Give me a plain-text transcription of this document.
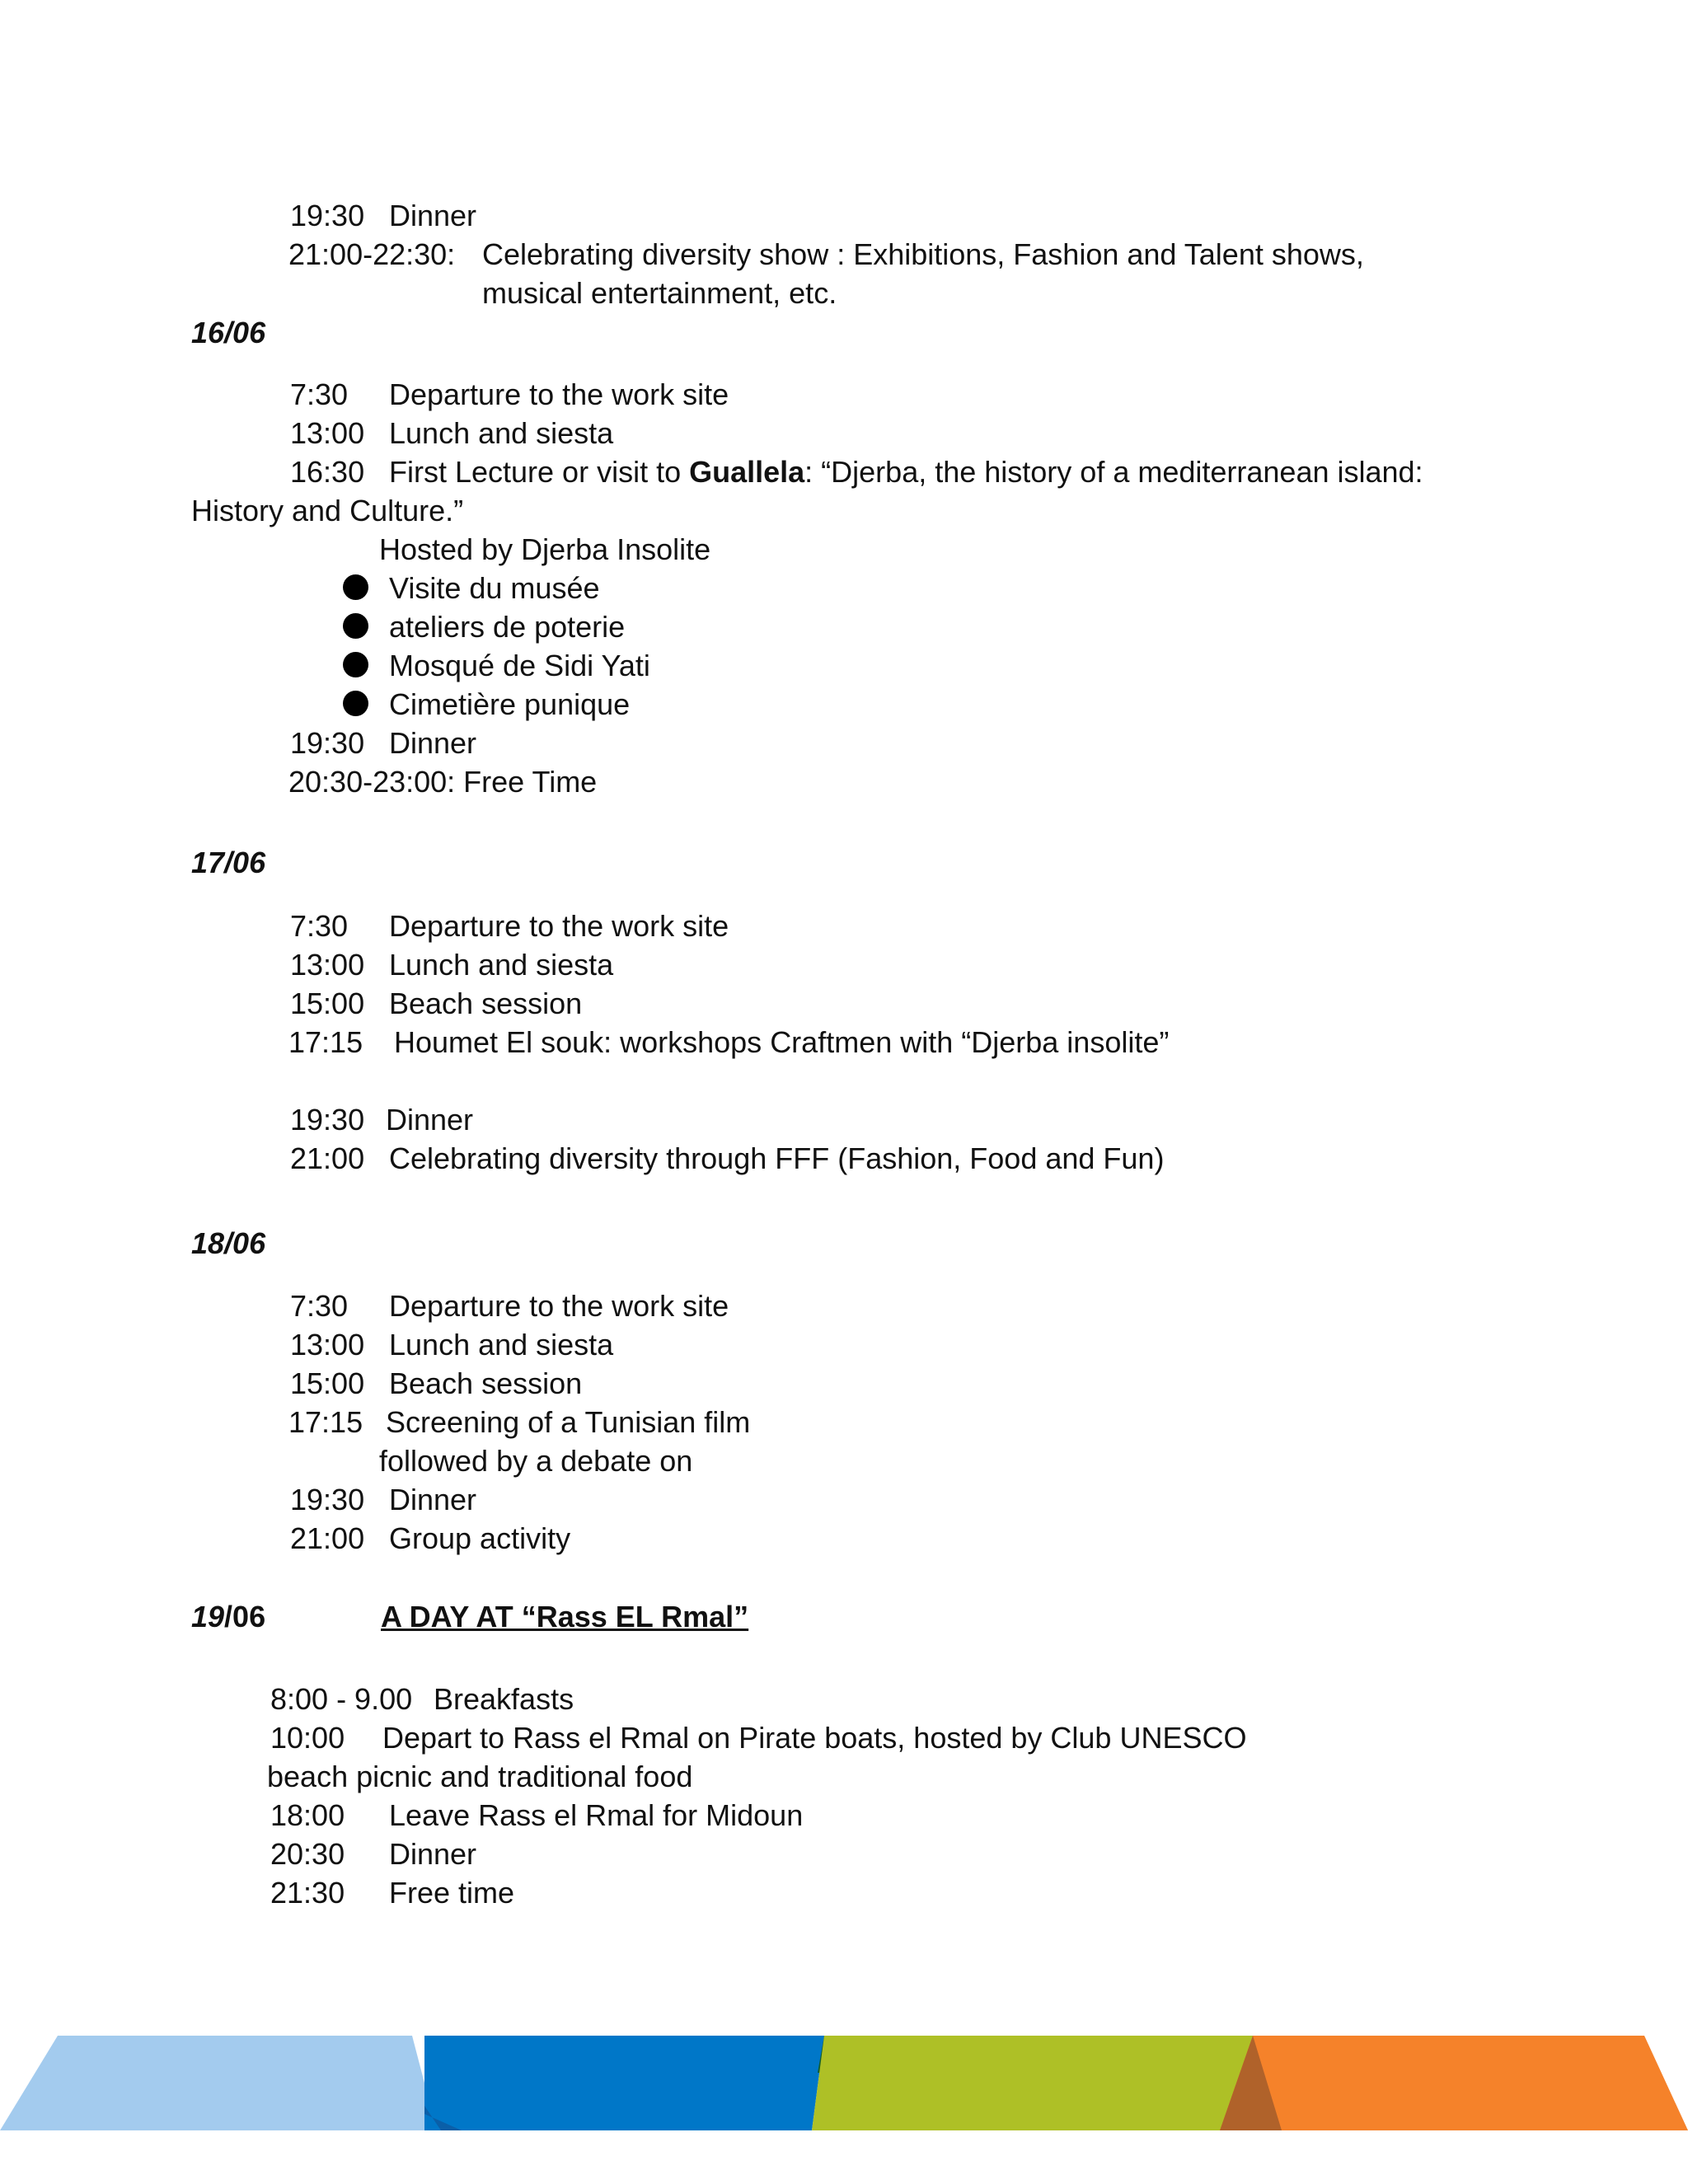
19:30 Dinner
21:00-22:30: Celebrating diversity show : Exhibitions, Fashion and Talent shows,
musical entertainment, etc.
16/06
7:30 Departure to the work site
13:00 Lunch and siesta
16:30 First Lecture or visit to Guallela: “Djerba, the history of a mediterranean island:
History and Culture.”
Hosted by Djerba Insolite
Visite du musée
ateliers de poterie
Mosqué de Sidi Yati
Cimetière punique
19:30 Dinner
20:30-23:00: Free Time
17/06
7:30 Departure to the work site
13:00 Lunch and siesta
15:00 Beach session
17:15 Houmet El souk: workshops Craftmen with “Djerba insolite”
19:30 Dinner
21:00 Celebrating diversity through FFF (Fashion, Food and Fun)
18/06
7:30 Departure to the work site
13:00 Lunch and siesta
15:00 Beach session
17:15 Screening of a Tunisian film
followed by a debate on
19:30 Dinner
21:00 Group activity
19/06	A DAY AT “Rass EL Rmal”
8:00 - 9.00 Breakfasts
10:00 Depart to Rass el Rmal on Pirate boats, hosted by Club UNESCO
beach picnic and traditional food
18:00 Leave Rass el Rmal for Midoun
20:30 Dinner
21:30 Free time
